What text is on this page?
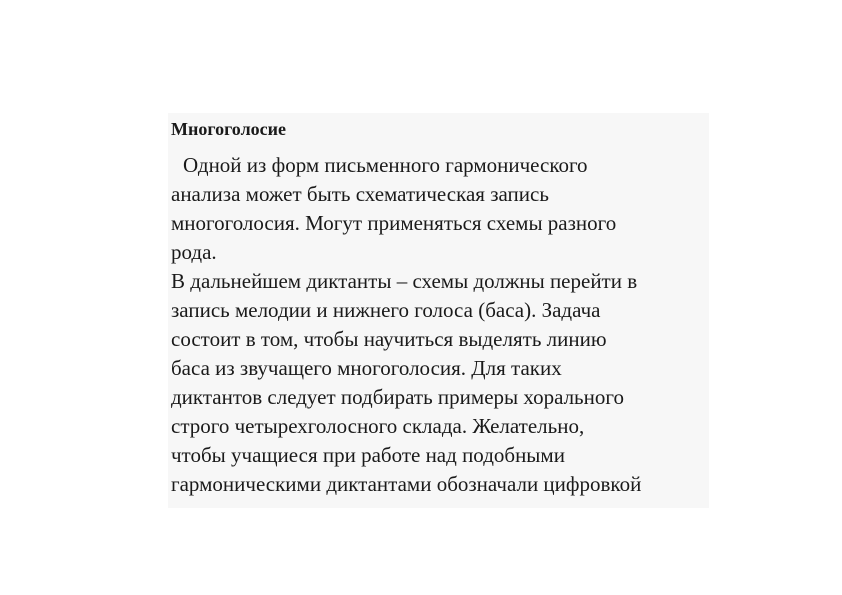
Многоголосие
Одной из форм письменного гармонического
анализа может быть схематическая запись
многоголосия. Могут применяться схемы разного
рода.
В дальнейшем диктанты – схемы должны перейти в
запись мелодии и нижнего голоса (баса). Задача
состоит в том, чтобы научиться выделять линию
баса из звучащего многоголосия. Для таких
диктантов следует подбирать примеры хорального
строго четырехголосного склада. Желательно,
чтобы учащиеся при работе над подобными
гармоническими диктантами обозначали цифровкой
